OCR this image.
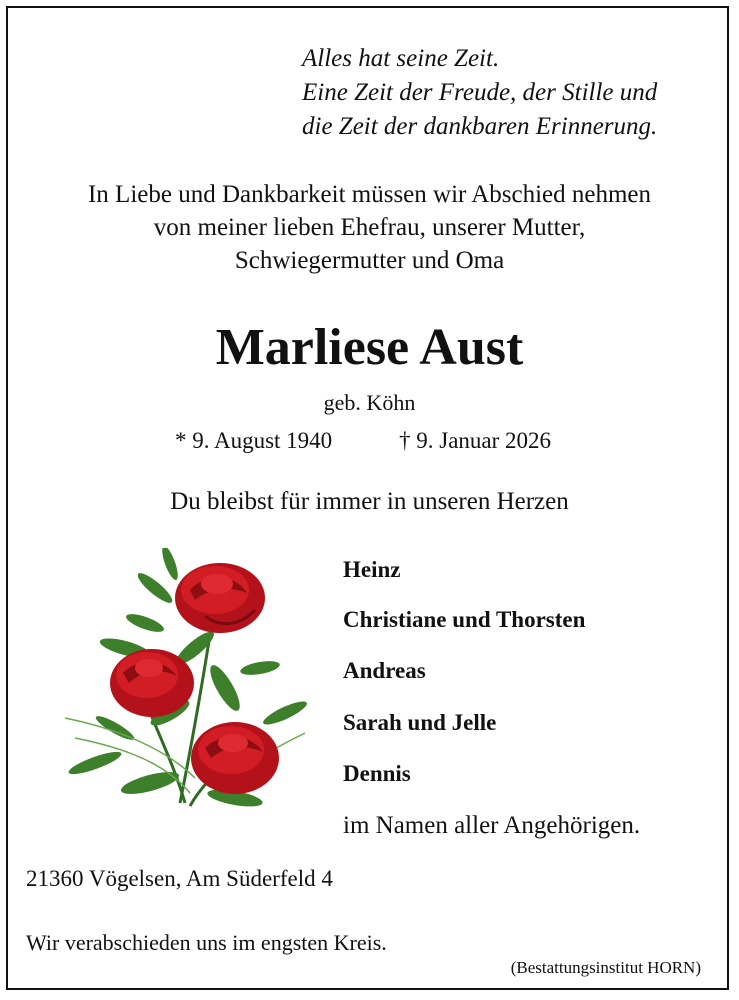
Alles hat seine Zeit.
Eine Zeit der Freude, der Stille und
die Zeit der dankbaren Erinnerung.
In Liebe und Dankbarkeit müssen wir Abschied nehmen
von meiner lieben Ehefrau, unserer Mutter,
Schwiegermutter und Oma
Marliese Aust
geb. Köhn
* 9. August 1940	† 9. Januar 2026
Du bleibst für immer in unseren Herzen
Heinz
Christiane und Thorsten
Andreas
Sarah und Jelle
Dennis
im Namen aller Angehörigen.
21360 Vögelsen, Am Süderfeld 4
Wir verabschieden uns im engsten Kreis.
(Bestattungsinstitut HORN)
